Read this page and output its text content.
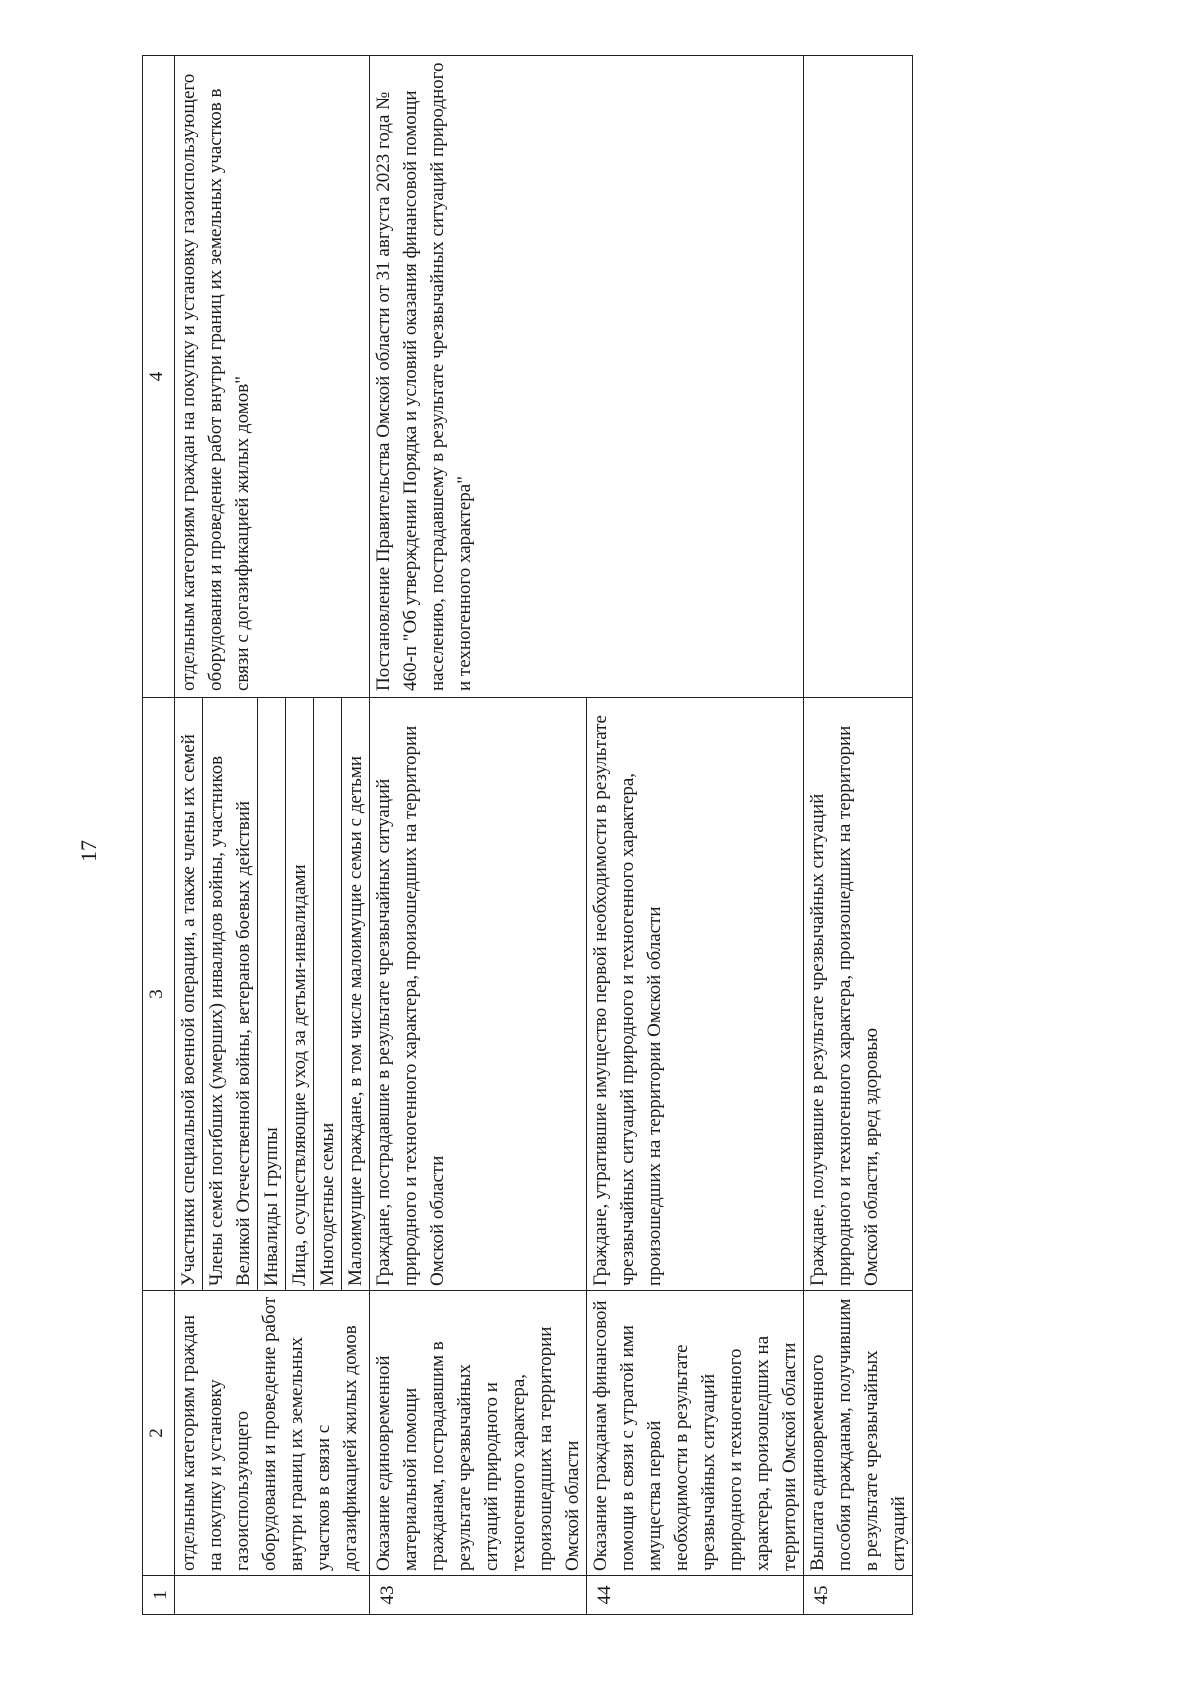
17
1	2	3	4

	отдельным категориям граждан на покупку и установку газоиспользующего оборудования и проведение работ внутри границ их земельных участков в связи с догазификацией жилых домов	Участники специальной военной операции, а также члены их семей	отдельным категориям граждан на покупку и установку газоиспользующего оборудования и проведение работ внутри границ их земельных участков в связи с догазификацией жилых домов"

		Члены семей погибших (умерших) инвалидов войны, участников Великой Отечественной войны, ветеранов боевых действий	
		Инвалиды I группы	
		Лица, осуществляющие уход за детьми-инвалидами	
		Многодетные семьи	
		Малоимущие граждане, в том числе малоимущие семьи с детьми	
43	Оказание единовременной материальной помощи гражданам, пострадавшим в результате чрезвычайных ситуаций природного и техногенного характера, произошедших на территории Омской области	Граждане, пострадавшие в результате чрезвычайных ситуаций природного и техногенного характера, произошедших на территории Омской области	Постановление Правительства Омской области от 31 августа 2023 года № 460-п "Об утверждении Порядка и условий оказания финансовой помощи населению, пострадавшему в результате чрезвычайных ситуаций природного и техногенного характера"

44	Оказание гражданам финансовой помощи в связи с утратой ими имущества первой необходимости в результате чрезвычайных ситуаций природного и техногенного характера, произошедших на территории Омской области	Граждане, утратившие имущество первой необходимости в результате чрезвычайных ситуаций природного и техногенного характера, произошедших на территории Омской области	
45	Выплата единовременного пособия гражданам, получившим в результате чрезвычайных ситуаций	Граждане, получившие в результате чрезвычайных ситуаций природного и техногенного характера, произошедших на территории Омской области, вред здоровью	
